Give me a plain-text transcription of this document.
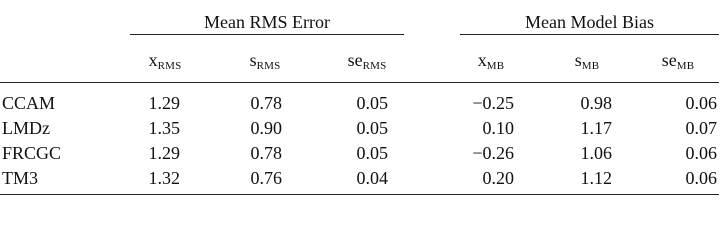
Mean RMS Error	Mean Model Bias
$x_{RMS}$	$s_{RMS}$	$se_{RMS}$	$x_{MB}$	$s_{MB}$	$se_{MB}$
CCAM	1.29	0.78	0.05	−0.25	0.98	0.06
LMDz	1.35	0.90	0.05	0.10	1.17	0.07
FRCGC	1.29	0.78	0.05	−0.26	1.06	0.06
TM3	1.32	0.76	0.04	0.20	1.12	0.06
